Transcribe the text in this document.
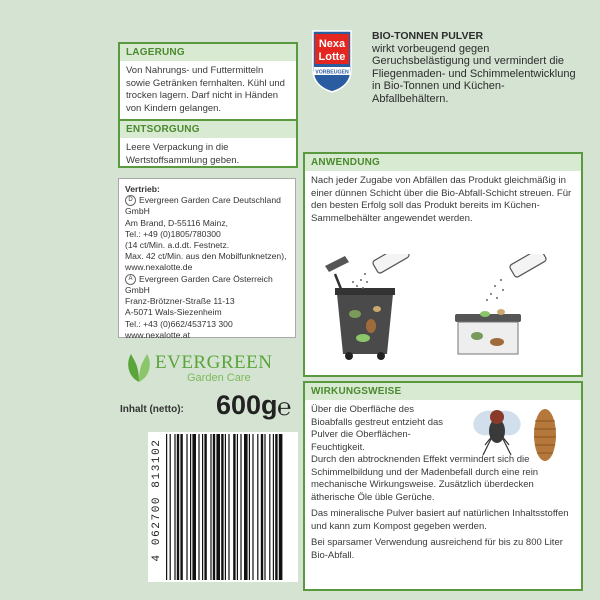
Nexa
Lotte
VORBEUGEN
BIO-TONNEN PULVER
wirkt vorbeugend gegen Geruchsbelästigung und vermindert die Fliegenmaden- und Schimmelentwicklung in Bio-Tonnen und Küchen-Abfallbehältern.
LAGERUNG
Von Nahrungs- und Futtermitteln sowie Getränken fernhalten. Kühl und trocken lagern. Darf nicht in Händen von Kindern gelangen.
ENTSORGUNG
Leere Verpackung in die Wertstoffsammlung geben.
Vertrieb:
D Evergreen Garden Care Deutschland GmbH
Am Brand, D-55116 Mainz,
Tel.: +49 (0)1805/780300
(14 ct/Min. a.d.dt. Festnetz.
Max. 42 ct/Min. aus den Mobilfunknetzen),
www.nexalotte.de
A Evergreen Garden Care Österreich GmbH
Franz-Brötzner-Straße 11-13
A-5071 Wals-Siezenheim
Tel.: +43 (0)662/453713 300
www.nexalotte.at
EVERGREEN
Garden Care
Inhalt (netto): 600g ℮
4 062700 813102
ANWENDUNG
Nach jeder Zugabe von Abfällen das Produkt gleichmäßig in einer dünnen Schicht über die Bio-Abfall-Schicht streuen. Für den besten Erfolg soll das Produkt bereits im Küchen-Sammelbehälter angewendet werden.
WIRKUNGSWEISE
Über die Oberfläche des Bioabfalls gestreut entzieht das Pulver die Oberflächen-Feuchtigkeit.
Durch den abtrocknenden Effekt vermindert sich die Schimmelbildung und der Madenbefall durch eine rein mechanische Wirkungsweise. Zusätzlich überdecken ätherische Öle üble Gerüche.
Das mineralische Pulver basiert auf natürlichen Inhaltsstoffen und kann zum Kompost gegeben werden.
Bei sparsamer Verwendung ausreichend für bis zu 800 Liter Bio-Abfall.
